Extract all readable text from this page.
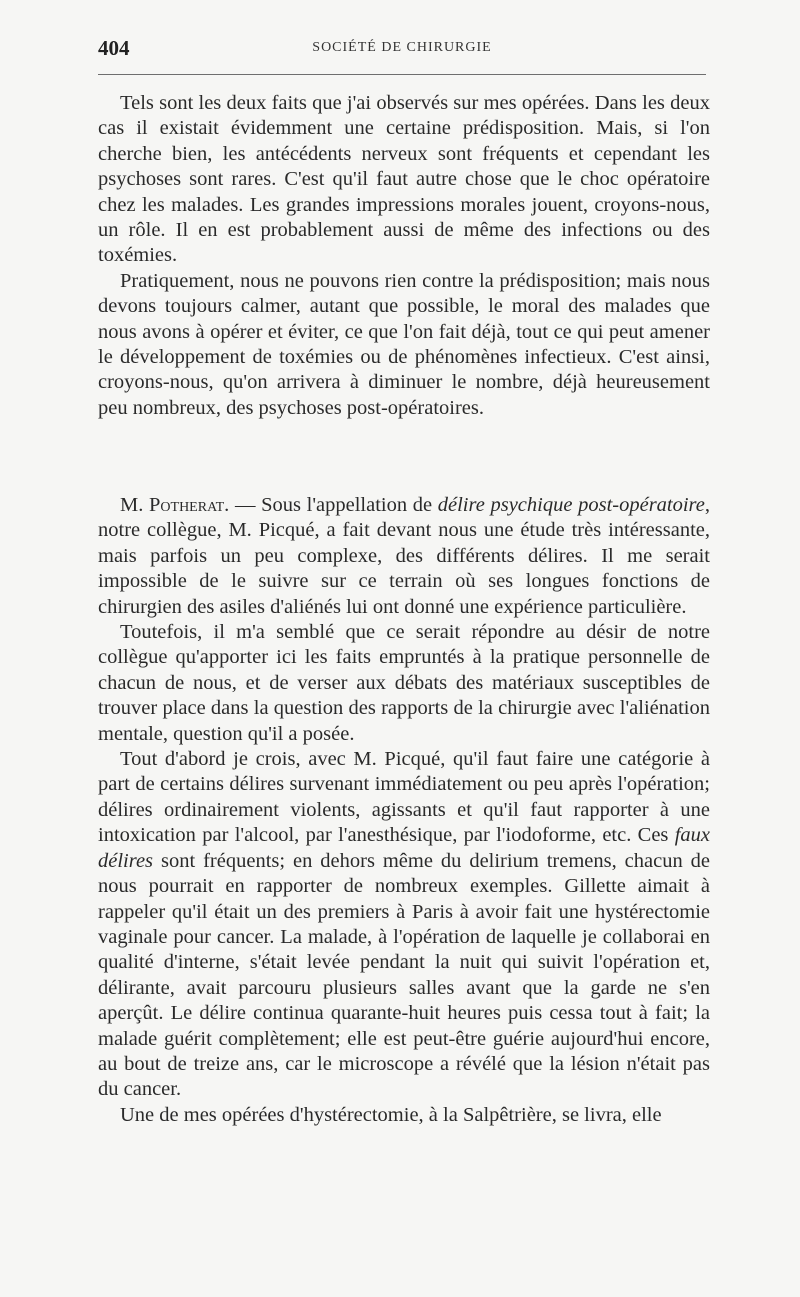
404	SOCIÉTÉ DE CHIRURGIE

Tels sont les deux faits que j'ai observés sur mes opérées. Dans les deux cas il existait évidemment une certaine prédisposition. Mais, si l'on cherche bien, les antécédents nerveux sont fréquents et cependant les psychoses sont rares. C'est qu'il faut autre chose que le choc opératoire chez les malades. Les grandes impressions morales jouent, croyons-nous, un rôle. Il en est probablement aussi de même des infections ou des toxémies.

Pratiquement, nous ne pouvons rien contre la prédisposition; mais nous devons toujours calmer, autant que possible, le moral des malades que nous avons à opérer et éviter, ce que l'on fait déjà, tout ce qui peut amener le développement de toxémies ou de phénomènes infectieux. C'est ainsi, croyons-nous, qu'on arrivera à diminuer le nombre, déjà heureusement peu nombreux, des psychoses post-opératoires.

M. Potherat. — Sous l'appellation de délire psychique post-opératoire, notre collègue, M. Picqué, a fait devant nous une étude très intéressante, mais parfois un peu complexe, des différents délires. Il me serait impossible de le suivre sur ce terrain où ses longues fonctions de chirurgien des asiles d'aliénés lui ont donné une expérience particulière.

Toutefois, il m'a semblé que ce serait répondre au désir de notre collègue qu'apporter ici les faits empruntés à la pratique personnelle de chacun de nous, et de verser aux débats des matériaux susceptibles de trouver place dans la question des rapports de la chirurgie avec l'aliénation mentale, question qu'il a posée.

Tout d'abord je crois, avec M. Picqué, qu'il faut faire une catégorie à part de certains délires survenant immédiatement ou peu après l'opération; délires ordinairement violents, agissants et qu'il faut rapporter à une intoxication par l'alcool, par l'anesthésique, par l'iodoforme, etc. Ces faux délires sont fréquents; en dehors même du delirium tremens, chacun de nous pourrait en rapporter de nombreux exemples. Gillette aimait à rappeler qu'il était un des premiers à Paris à avoir fait une hystérectomie vaginale pour cancer. La malade, à l'opération de laquelle je collaborai en qualité d'interne, s'était levée pendant la nuit qui suivit l'opération et, délirante, avait parcouru plusieurs salles avant que la garde ne s'en aperçût. Le délire continua quarante-huit heures puis cessa tout à fait; la malade guérit complètement; elle est peut-être guérie aujourd'hui encore, au bout de treize ans, car le microscope a révélé que la lésion n'était pas du cancer.

Une de mes opérées d'hystérectomie, à la Salpêtrière, se livra, elle
